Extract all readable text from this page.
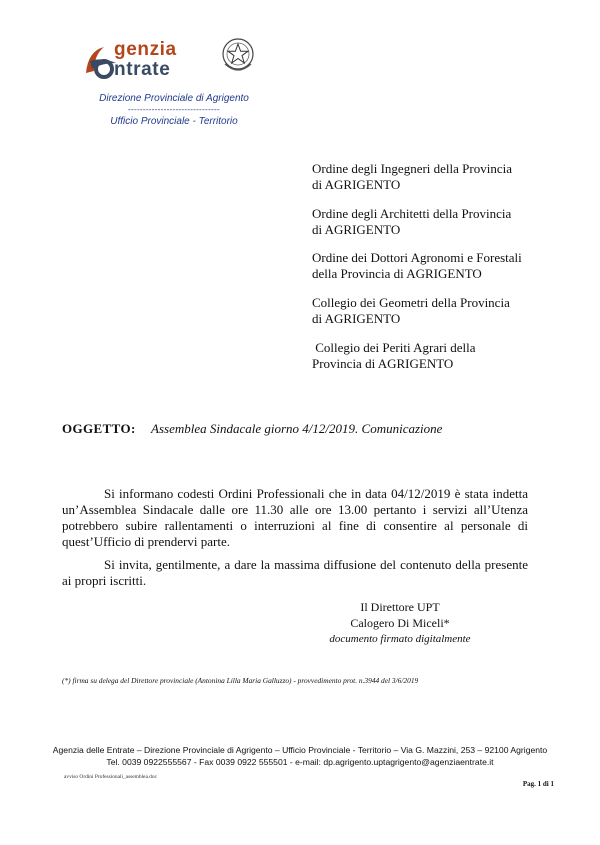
genzia
ntrate
Direzione Provinciale di Agrigento
-------------------------------
Ufficio Provinciale - Territorio
Ordine degli Ingegneri della Provincia
di AGRIGENTO
Ordine degli Architetti della Provincia
di AGRIGENTO
Ordine dei Dottori Agronomi e Forestali
della Provincia di AGRIGENTO
Collegio dei Geometri della Provincia
di AGRIGENTO
Collegio dei Periti Agrari della
Provincia di AGRIGENTO
OGGETTO: Assemblea Sindacale giorno 4/12/2019. Comunicazione

Si informano codesti Ordini Professionali che in data 04/12/2019 è stata indetta un’Assemblea Sindacale dalle ore 11.30 alle ore 13.00 pertanto i servizi all’Utenza potrebbero subire rallentamenti o interruzioni al fine di consentire al personale di quest’Ufficio di prendervi parte.

Si invita, gentilmente, a dare la massima diffusione del contenuto della presente ai propri iscritti.

Il Direttore UPT
Calogero Di Miceli*
documento firmato digitalmente
(*) firma su delega del Direttore provinciale (Antonina Lilla Maria Galluzzo) - provvedimento prot. n.3944 del 3/6/2019
Agenzia delle Entrate – Direzione Provinciale di Agrigento – Ufficio Provinciale - Territorio – Via G. Mazzini, 253 – 92100 Agrigento
Tel. 0039 0922555567 - Fax 0039 0922 555501 - e-mail: dp.agrigento.uptagrigento@agenziaentrate.it
avviso Ordini Professionali_assemblea.doc
Pag. 1 di 1
